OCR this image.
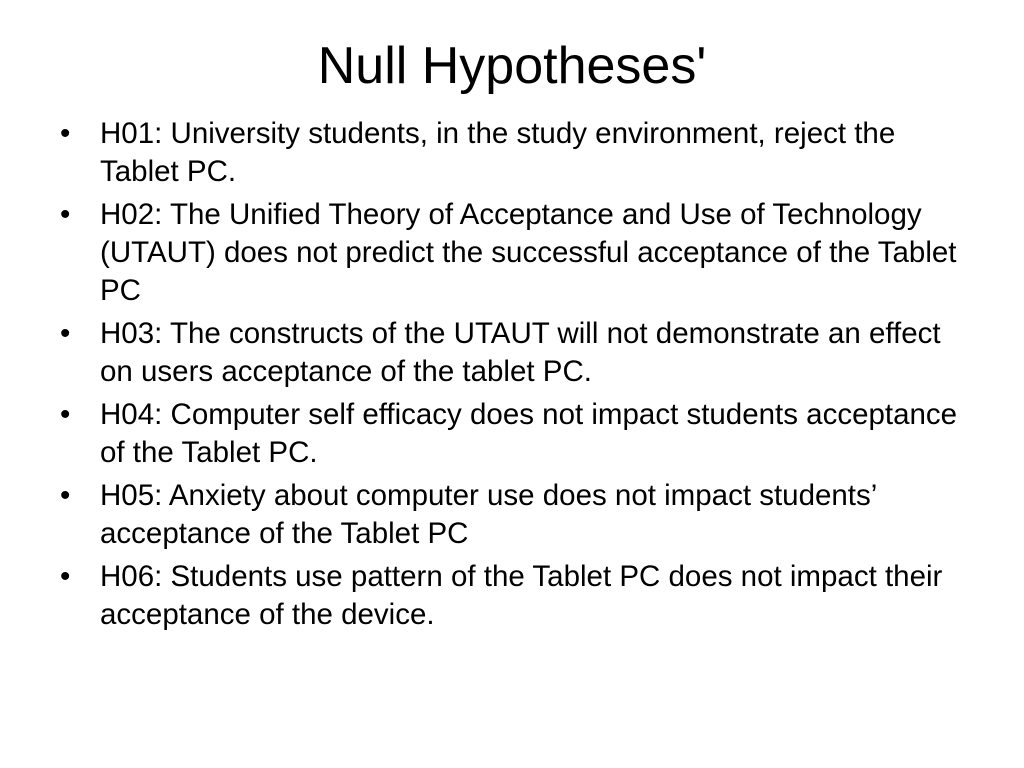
Null Hypotheses'
•	H01: University students, in the study environment, reject the Tablet PC.
•	H02: The Unified Theory of Acceptance and Use of Technology (UTAUT) does not predict the successful acceptance of the Tablet PC
•	H03: The constructs of the UTAUT will not demonstrate an effect on users acceptance of the tablet PC.
•	H04: Computer self efficacy does not impact students acceptance of the Tablet PC.
•	H05: Anxiety about computer use does not impact students’ acceptance of the Tablet PC
•	H06: Students use pattern of the Tablet PC does not impact their acceptance of the device.
